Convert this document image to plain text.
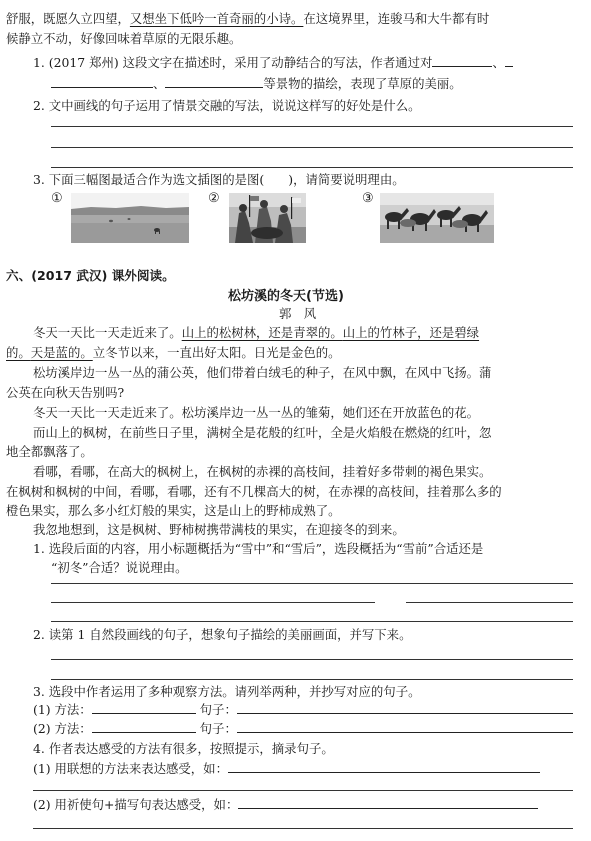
舒服，既愿久立四望，又想坐下低吟一首奇丽的小诗。在这境界里，连骏马和大牛都有时
候静立不动，好像回味着草原的无限乐趣。
1. (2017 郑州) 这段文字在描述时，采用了动静结合的写法，作者通过对	、
、	等景物的描绘，表现了草原的美丽。
2. 文中画线的句子运用了情景交融的写法，说说这样写的好处是什么。
3. 下面三幅图最适合作为选文插图的是图( )，请简要说明理由。
①	②	③
六、(2017 武汉) 课外阅读。
松坊溪的冬天(节选)
郭　风
冬天一天比一天走近来了。山上的松树林，还是青翠的。山上的竹林子，还是碧绿
的。天是蓝的。立冬节以来，一直出好太阳。日光是金色的。
松坊溪岸边一丛一丛的蒲公英，他们带着白绒毛的种子，在风中飘，在风中飞扬。蒲
公英在向秋天告别吗?
冬天一天比一天走近来了。松坊溪岸边一丛一丛的雏菊，她们还在开放蓝色的花。
而山上的枫树，在前些日子里，满树全是花般的红叶，全是火焰般在燃烧的红叶，忽
地全都飘落了。
看哪，看哪，在高大的枫树上，在枫树的赤裸的高枝间，挂着好多带刺的褐色果实。
在枫树和枫树的中间，看哪，看哪，还有不几棵高大的树，在赤裸的高枝间，挂着那么多的
橙色果实，那么多小红灯般的果实，这是山上的野柿成熟了。
我忽地想到，这是枫树、野柿树携带满枝的果实，在迎接冬的到来。
1. 选段后面的内容，用小标题概括为“雪中”和“雪后”，选段概括为“雪前”合适还是
“初冬”合适？说说理由。
2. 读第 1 自然段画线的句子，想象句子描绘的美丽画面，并写下来。
3. 选段中作者运用了多种观察方法。请列举两种，并抄写对应的句子。
(1) 方法：	句子：
(2) 方法：	句子：
4. 作者表达感受的方法有很多，按照提示，摘录句子。
(1) 用联想的方法来表达感受，如：
(2) 用祈使句+描写句表达感受，如：
